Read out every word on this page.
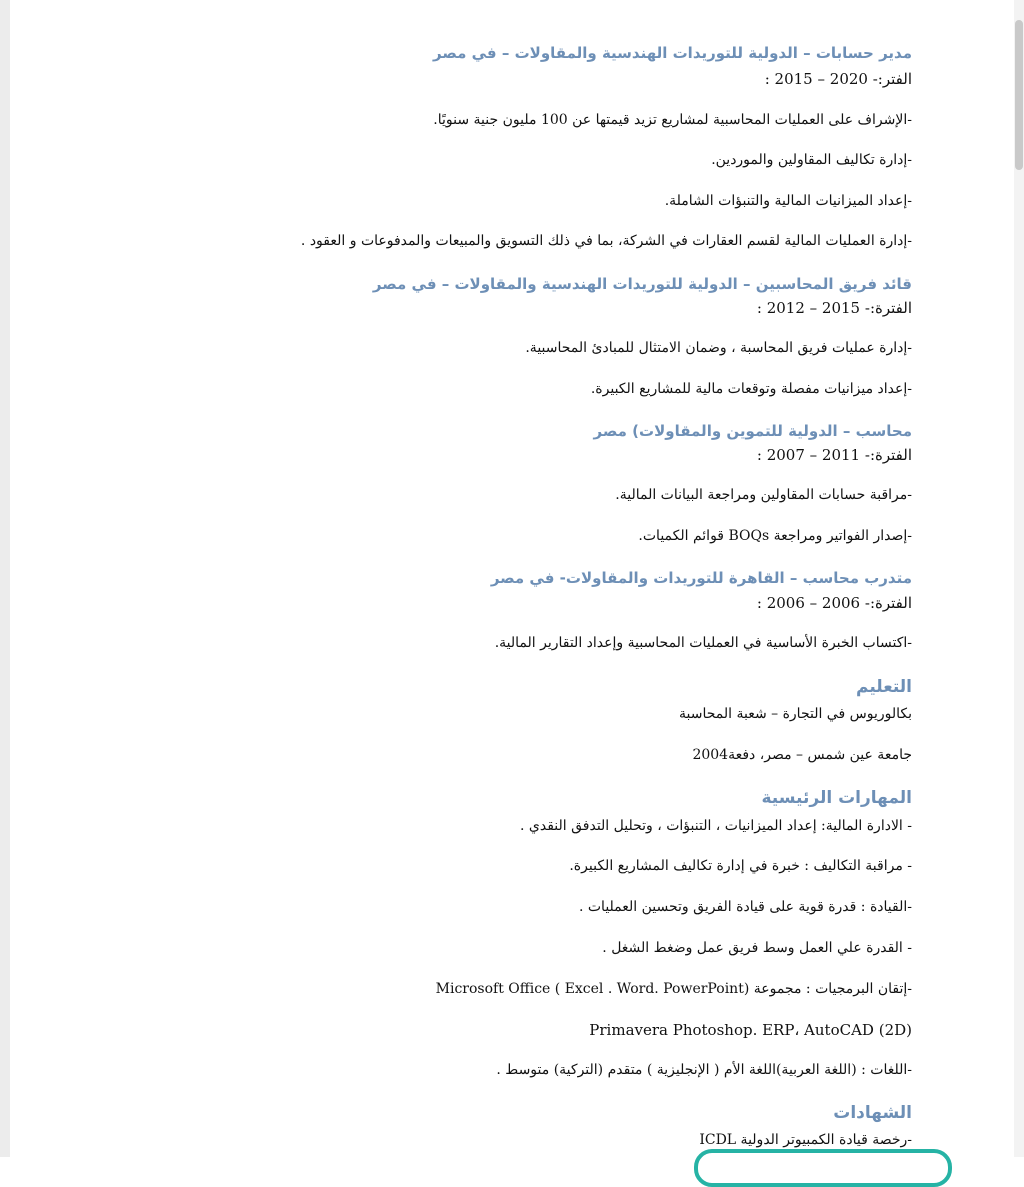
مدير حسابات – الدولية للتوريدات الهندسية والمقاولات – في مصر
الفتر:- 2020 – 2015 :
-الإشراف على العمليات المحاسبية لمشاريع تزيد قيمتها عن 100 مليون جنية سنويًا.
-إدارة تكاليف المقاولين والموردين.
-إعداد الميزانيات المالية والتنبؤات الشاملة.
-إدارة العمليات المالية لقسم العقارات في الشركة، بما في ذلك التسويق والمبيعات والمدفوعات و العقود .
قائد فريق المحاسبين – الدولية للتوريدات الهندسية والمقاولات – في مصر
الفترة:- 2015 – 2012 :
-إدارة عمليات فريق المحاسبة ، وضمان الامتثال للمبادئ المحاسبية.
-إعداد ميزانيات مفصلة وتوقعات مالية للمشاريع الكبيرة.
محاسب – الدولية للتموين والمقاولات) مصر
الفترة:- 2011 – 2007 :
-مراقبة حسابات المقاولين ومراجعة البيانات المالية.
-إصدار الفواتير ومراجعة BOQs قوائم الكميات.
متدرب محاسب – القاهرة للتوريدات والمقاولات- في مصر
الفترة:- 2006 – 2006 :
-اكتساب الخبرة الأساسية في العمليات المحاسبية وإعداد التقارير المالية.
التعليم
بكالوريوس في التجارة – شعبة المحاسبة
جامعة عين شمس – مصر، دفعة2004
المهارات الرئيسية
- الادارة المالية: إعداد الميزانيات ، التنبؤات ، وتحليل التدفق النقدي .
- مراقبة التكاليف : خبرة في إدارة تكاليف المشاريع الكبيرة.
-القيادة : قدرة قوية على قيادة الفريق وتحسين العمليات .
- القدرة علي العمل وسط فريق عمل وضغط الشغل .
-إتقان البرمجيات : مجموعة Microsoft Office ( Excel . Word. PowerPoint)
Primavera Photoshop. ERP، AutoCAD (2D)
-اللغات : (اللغة العربية)اللغة الأم ( الإنجليزية ) متقدم (التركية) متوسط .
الشهادات
-رخصة قيادة الكمبيوتر الدولية ICDL
